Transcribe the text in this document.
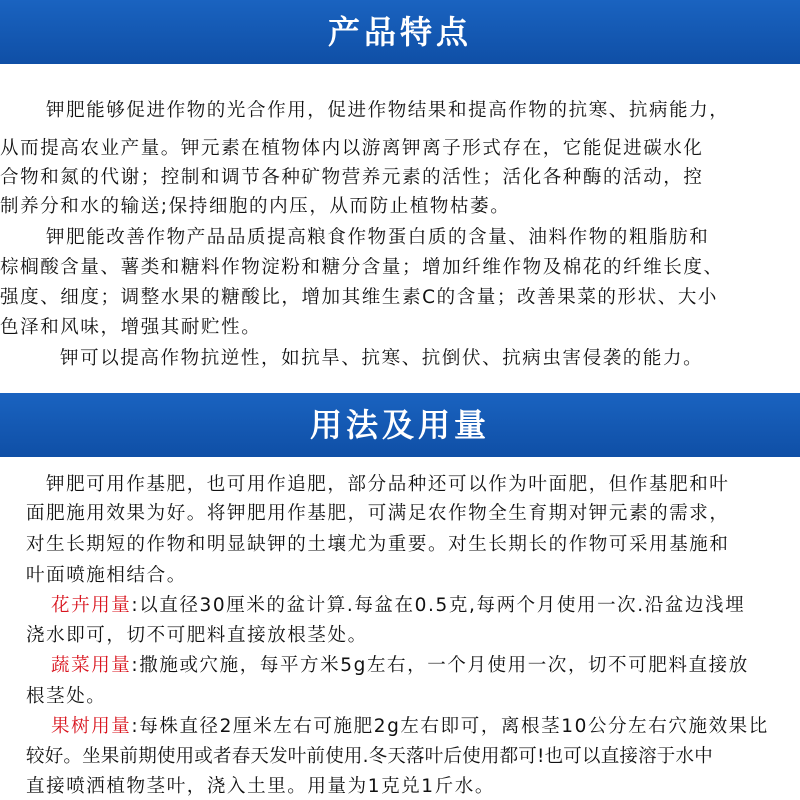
产品特点

钾肥能够促进作物的光合作用，促进作物结果和提高作物的抗寒、抗病能力，

从而提高农业产量。钾元素在植物体内以游离钾离子形式存在，它能促进碳水化

合物和氮的代谢；控制和调节各种矿物营养元素的活性；活化各种酶的活动，控

制养分和水的输送;保持细胞的内压，从而防止植物枯萎。

钾肥能改善作物产品品质提高粮食作物蛋白质的含量、油料作物的粗脂肪和

棕榈酸含量、薯类和糖料作物淀粉和糖分含量；增加纤维作物及棉花的纤维长度、

强度、细度；调整水果的糖酸比，增加其维生素C的含量；改善果菜的形状、大小

色泽和风味，增强其耐贮性。

钾可以提高作物抗逆性，如抗旱、抗寒、抗倒伏、抗病虫害侵袭的能力。

用法及用量

钾肥可用作基肥，也可用作追肥，部分品种还可以作为叶面肥，但作基肥和叶

面肥施用效果为好。将钾肥用作基肥，可满足农作物全生育期对钾元素的需求，

对生长期短的作物和明显缺钾的土壤尤为重要。对生长期长的作物可采用基施和

叶面喷施相结合。

花卉用量:以直径30厘米的盆计算.每盆在0.5克,每两个月使用一次.沿盆边浅埋

浇水即可，切不可肥料直接放根茎处。

蔬菜用量:撒施或穴施，每平方米5g左右，一个月使用一次，切不可肥料直接放

根茎处。

果树用量:每株直径2厘米左右可施肥2g左右即可，离根茎10公分左右穴施效果比

较好。坐果前期使用或者春天发叶前使用.冬天落叶后使用都可!也可以直接溶于水中

直接喷洒植物茎叶，浇入土里。用量为1克兑1斤水。
